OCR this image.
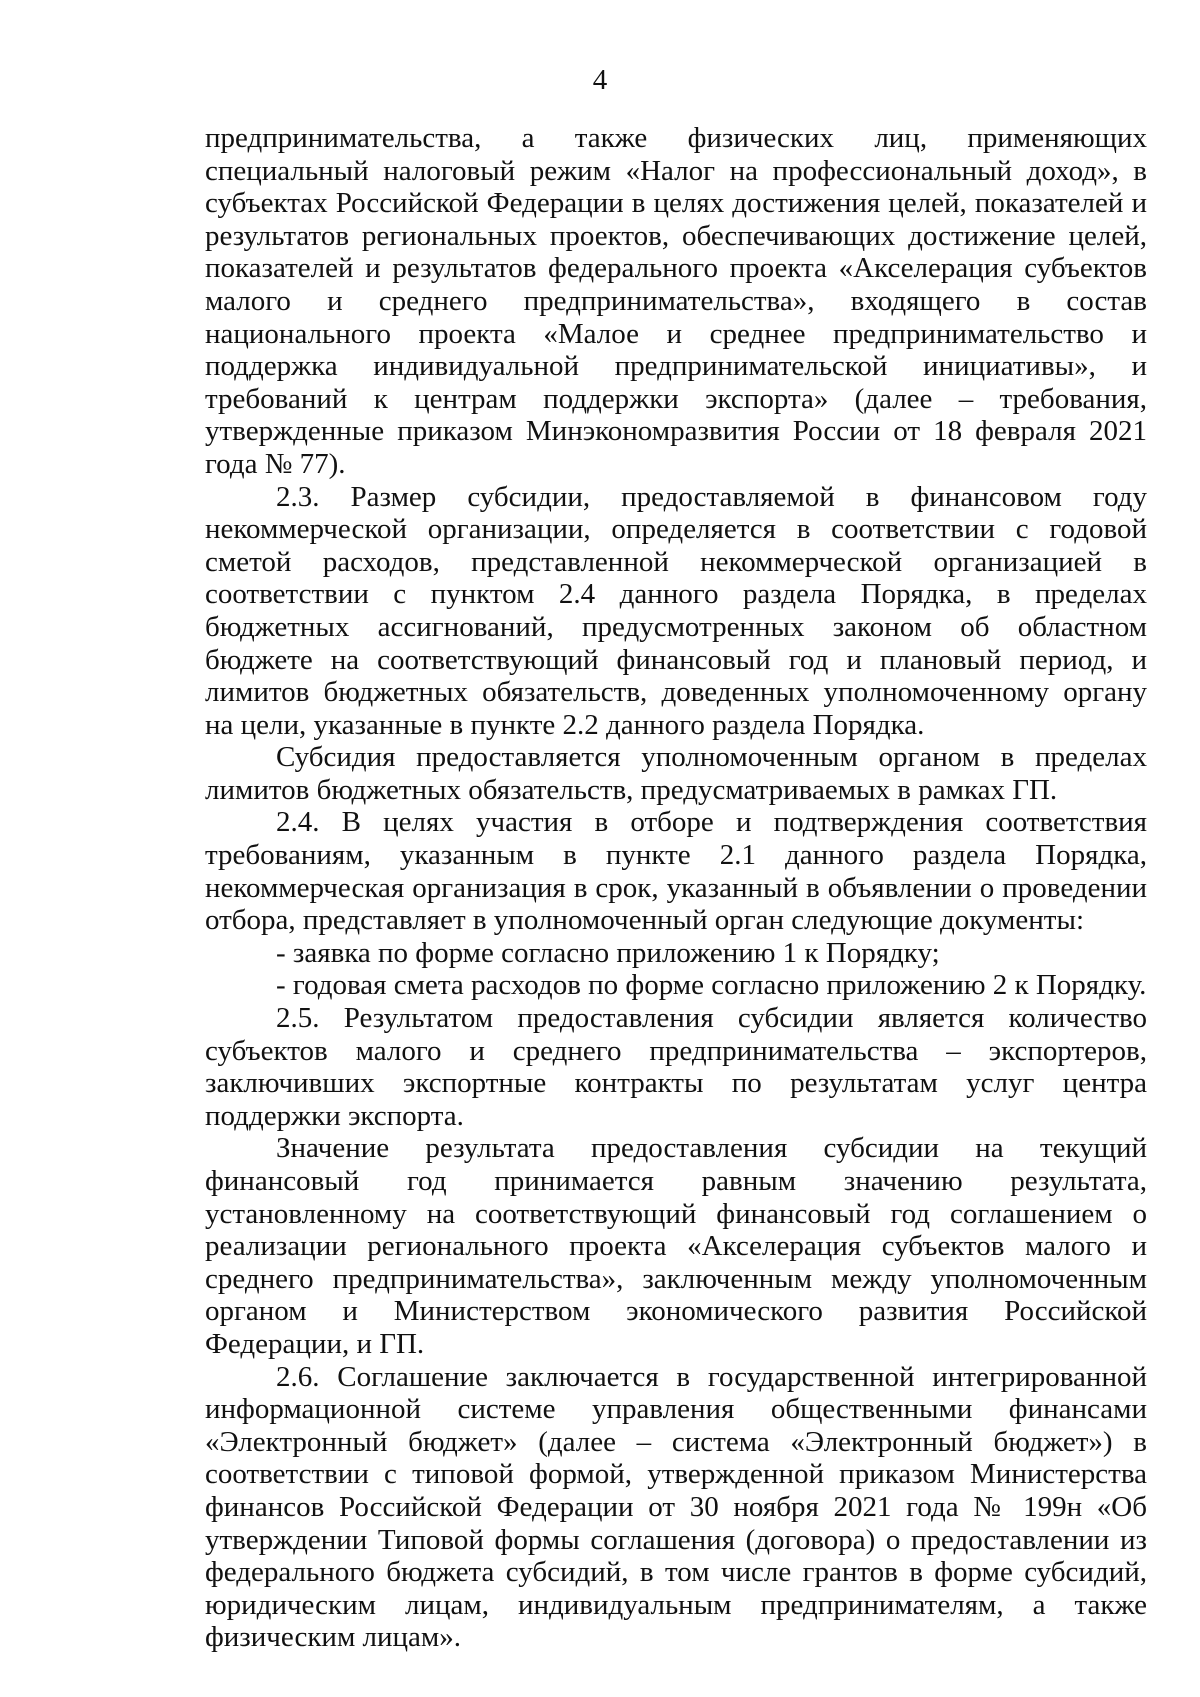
4

предпринимательства, а также физических лиц, применяющих специальный налоговый режим «Налог на профессиональный доход», в субъектах Российской Федерации в целях достижения целей, показателей и результатов региональных проектов, обеспечивающих достижение целей, показателей и результатов федерального проекта «Акселерация субъектов малого и среднего предпринимательства», входящего в состав национального проекта «Малое и среднее предпринимательство и поддержка индивидуальной предпринимательской инициативы», и требований к центрам поддержки экспорта» (далее – требования, утвержденные приказом Минэкономразвития России от 18 февраля 2021 года № 77).

2.3. Размер субсидии, предоставляемой в финансовом году некоммерческой организации, определяется в соответствии с годовой сметой расходов, представленной некоммерческой организацией в соответствии с пунктом 2.4 данного раздела Порядка, в пределах бюджетных ассигнований, предусмотренных законом об областном бюджете на соответствующий финансовый год и плановый период, и лимитов бюджетных обязательств, доведенных уполномоченному органу на цели, указанные в пункте 2.2 данного раздела Порядка.

Субсидия предоставляется уполномоченным органом в пределах лимитов бюджетных обязательств, предусматриваемых в рамках ГП.

2.4. В целях участия в отборе и подтверждения соответствия требованиям, указанным в пункте 2.1 данного раздела Порядка, некоммерческая организация в срок, указанный в объявлении о проведении отбора, представляет в уполномоченный орган следующие документы:

- заявка по форме согласно приложению 1 к Порядку;

- годовая смета расходов по форме согласно приложению 2 к Порядку.

2.5. Результатом предоставления субсидии является количество субъектов малого и среднего предпринимательства – экспортеров, заключивших экспортные контракты по результатам услуг центра поддержки экспорта.

Значение результата предоставления субсидии на текущий финансовый год принимается равным значению результата, установленному на соответствующий финансовый год соглашением о реализации регионального проекта «Акселерация субъектов малого и среднего предпринимательства», заключенным между уполномоченным органом и Министерством экономического развития Российской Федерации, и ГП.

2.6. Соглашение заключается в государственной интегрированной информационной системе управления общественными финансами «Электронный бюджет» (далее – система «Электронный бюджет») в соответствии с типовой формой, утвержденной приказом Министерства финансов Российской Федерации от 30 ноября 2021 года № 199н «Об утверждении Типовой формы соглашения (договора) о предоставлении из федерального бюджета субсидий, в том числе грантов в форме субсидий, юридическим лицам, индивидуальным предпринимателям, а также физическим лицам».
